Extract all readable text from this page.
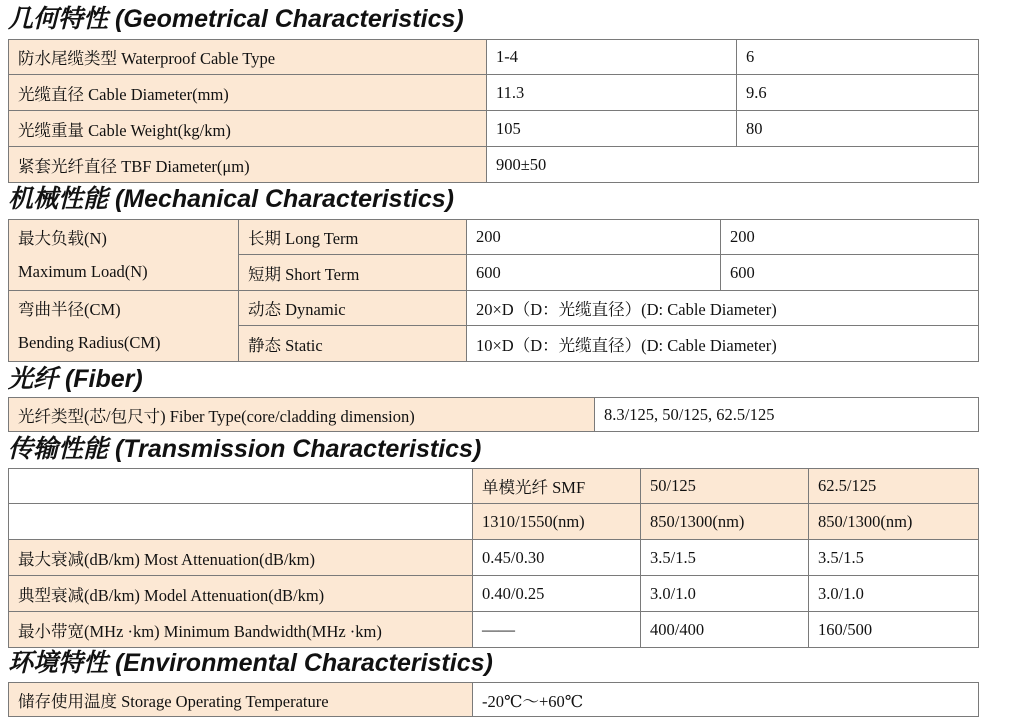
几何特性 (Geometrical Characteristics)
防水尾缆类型 Waterproof Cable Type	1-4	6
光缆直径 Cable Diameter(mm)	11.3	9.6
光缆重量 Cable Weight(kg/km)	105	80
紧套光纤直径 TBF Diameter(μm)	900±50	
机械性能 (Mechanical Characteristics)
最大负载(N)	长期 Long Term	200	200
Maximum Load(N)	短期 Short Term	600	600
弯曲半径(CM)	动态 Dynamic	20×D（D：光缆直径）(D: Cable Diameter)	
Bending Radius(CM)	静态 Static	10×D（D：光缆直径）(D: Cable Diameter)	
光纤 (Fiber)
光纤类型(芯/包尺寸) Fiber Type(core/cladding dimension)	8.3/125, 50/125, 62.5/125
传输性能 (Transmission Characteristics)
	单模光纤 SMF	50/125	62.5/125
	1310/1550(nm)	850/1300(nm)	850/1300(nm)
最大衰减(dB/km) Most Attenuation(dB/km)	0.45/0.30	3.5/1.5	3.5/1.5
典型衰减(dB/km) Model Attenuation(dB/km)	0.40/0.25	3.0/1.0	3.0/1.0
最小带宽(MHz ·km) Minimum Bandwidth(MHz ·km)	——	400/400	160/500
环境特性 (Environmental Characteristics)
储存使用温度 Storage Operating Temperature	-20℃～+60℃
